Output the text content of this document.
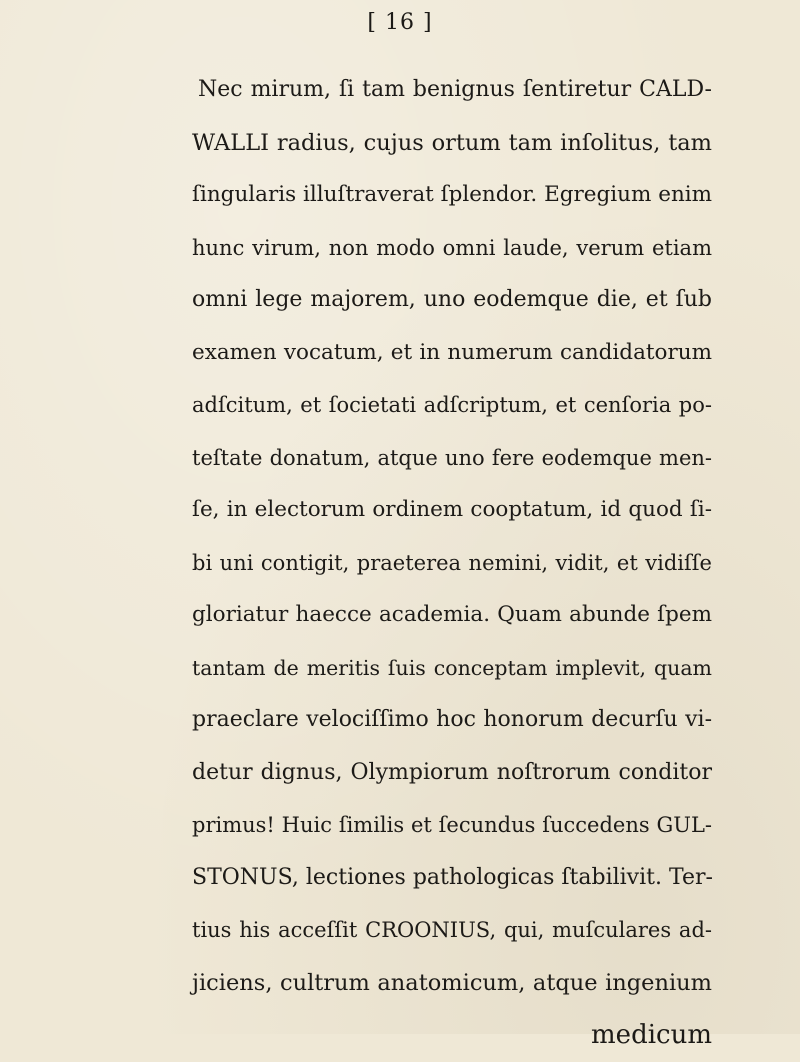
[ 16 ]
Nec mirum, ſi tam benignus ſentiretur CALD-
WALLI radius, cujus ortum tam inſolitus, tam
ſingularis illuſtraverat ſplendor. Egregium enim
hunc virum, non modo omni laude, verum etiam
omni lege majorem, uno eodemque die, et ſub
examen vocatum, et in numerum candidatorum
adſcitum, et ſocietati adſcriptum, et cenſoria po-
teſtate donatum, atque uno fere eodemque men-
ſe, in electorum ordinem cooptatum, id quod ſi-
bi uni contigit, praeterea nemini, vidit, et vidiſſe
gloriatur haecce academia. Quam abunde ſpem
tantam de meritis ſuis conceptam implevit, quam
praeclare velociſſimo hoc honorum decurſu vi-
detur dignus, Olympiorum noſtrorum conditor
primus! Huic ſimilis et ſecundus ſuccedens GUL-
STONUS, lectiones pathologicas ſtabilivit. Ter-
tius his acceſſit CROONIUS, qui, muſculares ad-
jiciens, cultrum anatomicum, atque ingenium
medicum
